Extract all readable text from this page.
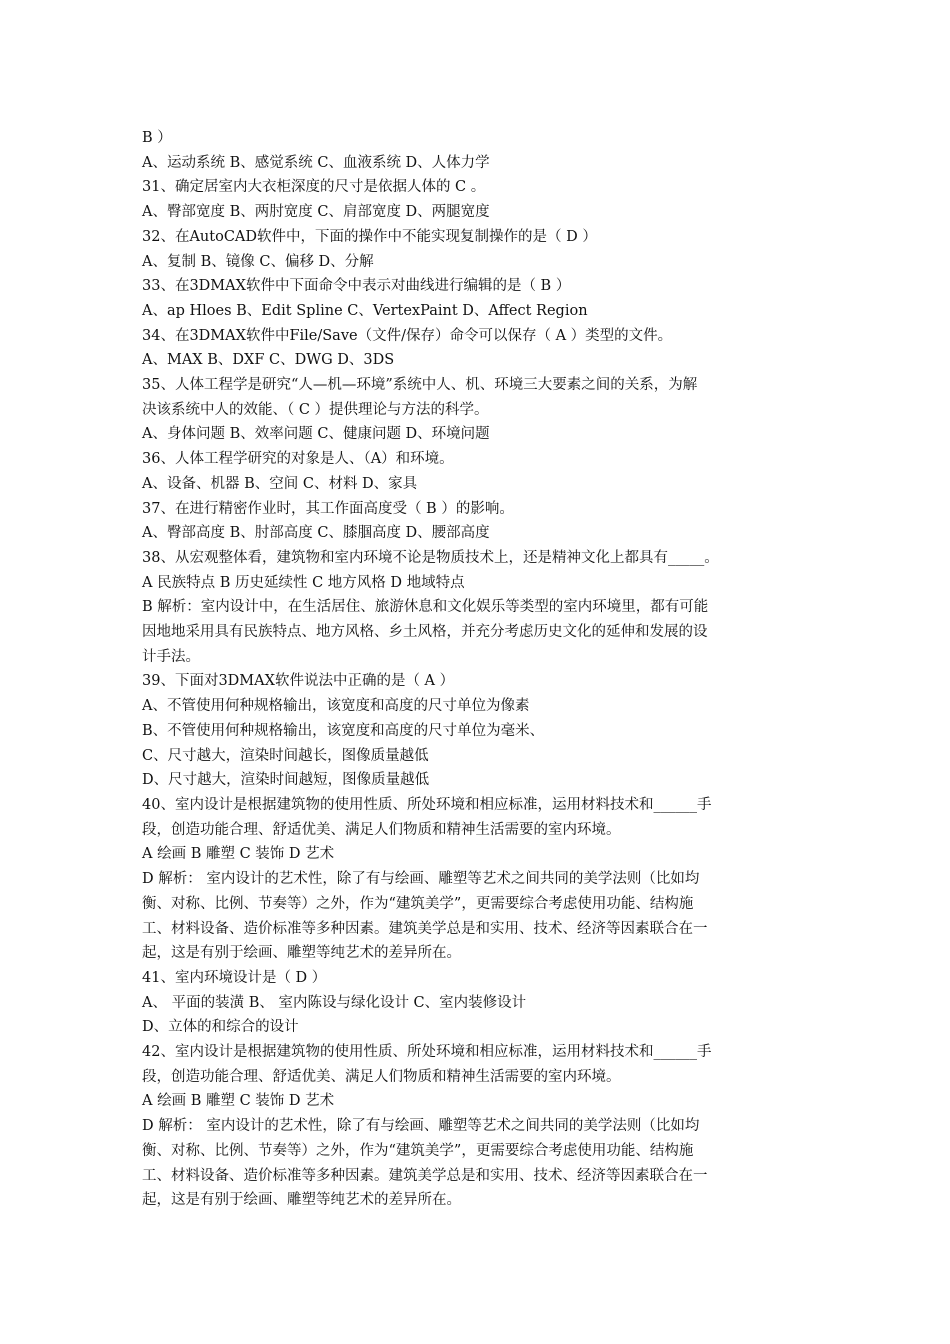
B ）
A、运动系统 B、感觉系统 C、血液系统 D、人体力学
31、确定居室内大衣柜深度的尺寸是依据人体的 C 。
A、臀部宽度 B、两肘宽度 C、肩部宽度 D、两腿宽度
32、在AutoCAD软件中，下面的操作中不能实现复制操作的是（ D ）
A、复制 B、镜像 C、偏移 D、分解
33、在3DMAX软件中下面命令中表示对曲线进行编辑的是（ B ）
A、ap Hloes B、Edit Spline C、VertexPaint D、Affect Region
34、在3DMAX软件中File/Save（文件/保存）命令可以保存（ A ）类型的文件。
A、MAX B、DXF C、DWG D、3DS
35、人体工程学是研究“人—机—环境”系统中人、机、环境三大要素之间的关系，为解
决该系统中人的效能、（ C ）提供理论与方法的科学。
A、身体问题 B、效率问题 C、健康问题 D、环境问题
36、人体工程学研究的对象是人、（A）和环境。
A、设备、机器 B、空间 C、材料 D、家具
37、在进行精密作业时，其工作面高度受（ B ）的影响。
A、臀部高度 B、肘部高度 C、膝腘高度 D、腰部高度
38、从宏观整体看，建筑物和室内环境不论是物质技术上，还是精神文化上都具有_____。
A 民族特点 B 历史延续性 C 地方风格 D 地域特点
B 解析：室内设计中，在生活居住、旅游休息和文化娱乐等类型的室内环境里，都有可能
因地地采用具有民族特点、地方风格、乡土风格，并充分考虑历史文化的延伸和发展的设
计手法。
39、下面对3DMAX软件说法中正确的是（ A ）
A、不管使用何种规格输出，该宽度和高度的尺寸单位为像素
B、不管使用何种规格输出，该宽度和高度的尺寸单位为毫米、
C、尺寸越大，渲染时间越长，图像质量越低
D、尺寸越大，渲染时间越短，图像质量越低
40、室内设计是根据建筑物的使用性质、所处环境和相应标准，运用材料技术和______手
段，创造功能合理、舒适优美、满足人们物质和精神生活需要的室内环境。
A 绘画 B 雕塑 C 装饰 D 艺术
D 解析： 室内设计的艺术性，除了有与绘画、雕塑等艺术之间共同的美学法则（比如均
衡、对称、比例、节奏等）之外，作为“建筑美学”，更需要综合考虑使用功能、结构施
工、材料设备、造价标准等多种因素。建筑美学总是和实用、技术、经济等因素联合在一
起，这是有别于绘画、雕塑等纯艺术的差异所在。
41、室内环境设计是（ D ）
A、 平面的装潢 B、 室内陈设与绿化设计 C、室内装修设计
D、立体的和综合的设计
42、室内设计是根据建筑物的使用性质、所处环境和相应标准，运用材料技术和______手
段，创造功能合理、舒适优美、满足人们物质和精神生活需要的室内环境。
A 绘画 B 雕塑 C 装饰 D 艺术
D 解析： 室内设计的艺术性，除了有与绘画、雕塑等艺术之间共同的美学法则（比如均
衡、对称、比例、节奏等）之外，作为“建筑美学”，更需要综合考虑使用功能、结构施
工、材料设备、造价标准等多种因素。建筑美学总是和实用、技术、经济等因素联合在一
起，这是有别于绘画、雕塑等纯艺术的差异所在。
